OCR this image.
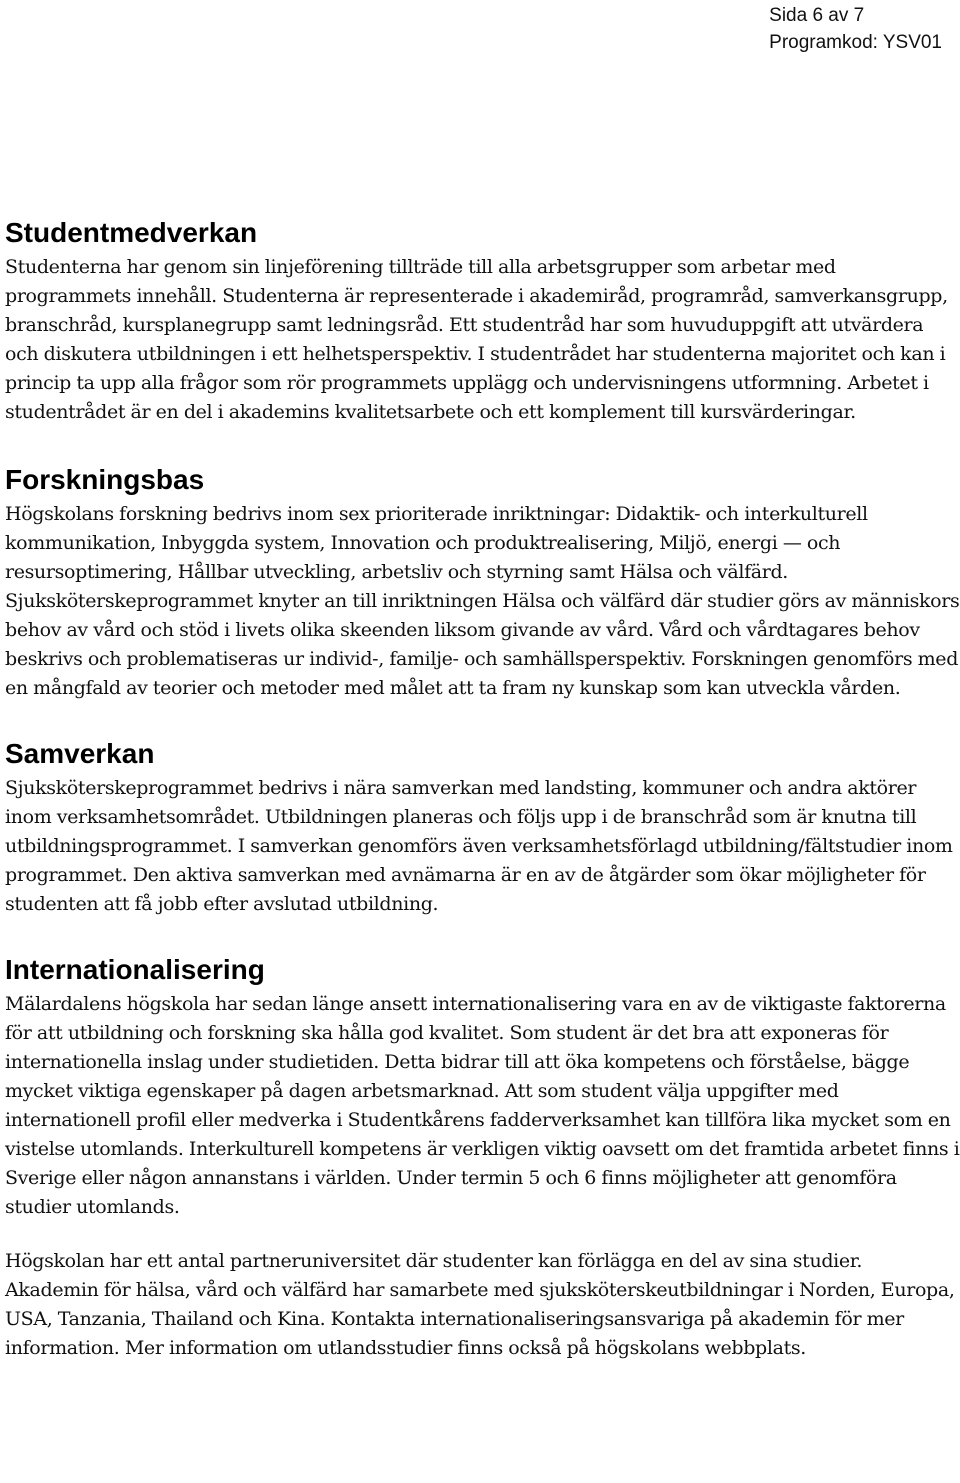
Sida 6 av 7
Programkod: YSV01
Studentmedverkan

Studenterna har genom sin linjeförening tillträde till alla arbetsgrupper som arbetar med programmets innehåll. Studenterna är representerade i akademiråd, programråd, samverkansgrupp, branschråd, kursplanegrupp samt ledningsråd. Ett studentråd har som huvuduppgift att utvärdera och diskutera utbildningen i ett helhetsperspektiv. I studentrådet har studenterna majoritet och kan i princip ta upp alla frågor som rör programmets upplägg och undervisningens utformning. Arbetet i studentrådet är en del i akademins kvalitetsarbete och ett komplement till kursvärderingar.

Forskningsbas

Högskolans forskning bedrivs inom sex prioriterade inriktningar: Didaktik- och interkulturell kommunikation, Inbyggda system, Innovation och produktrealisering, Miljö, energi — och resursoptimering, Hållbar utveckling, arbetsliv och styrning samt Hälsa och välfärd. Sjuksköterskeprogrammet knyter an till inriktningen Hälsa och välfärd där studier görs av människors behov av vård och stöd i livets olika skeenden liksom givande av vård. Vård och vårdtagares behov beskrivs och problematiseras ur individ-, familje- och samhällsperspektiv. Forskningen genomförs med en mångfald av teorier och metoder med målet att ta fram ny kunskap som kan utveckla vården.

Samverkan

Sjuksköterskeprogrammet bedrivs i nära samverkan med landsting, kommuner och andra aktörer inom verksamhetsområdet. Utbildningen planeras och följs upp i de branschråd som är knutna till utbildningsprogrammet. I samverkan genomförs även verksamhetsförlagd utbildning/fältstudier inom programmet. Den aktiva samverkan med avnämarna är en av de åtgärder som ökar möjligheter för studenten att få jobb efter avslutad utbildning.

Internationalisering

Mälardalens högskola har sedan länge ansett internationalisering vara en av de viktigaste faktorerna för att utbildning och forskning ska hålla god kvalitet. Som student är det bra att exponeras för internationella inslag under studietiden. Detta bidrar till att öka kompetens och förståelse, bägge mycket viktiga egenskaper på dagen arbetsmarknad. Att som student välja uppgifter med internationell profil eller medverka i Studentkårens fadderverksamhet kan tillföra lika mycket som en vistelse utomlands. Interkulturell kompetens är verkligen viktig oavsett om det framtida arbetet finns i Sverige eller någon annanstans i världen. Under termin 5 och 6 finns möjligheter att genomföra studier utomlands.

Högskolan har ett antal partneruniversitet där studenter kan förlägga en del av sina studier. Akademin för hälsa, vård och välfärd har samarbete med sjuksköterskeutbildningar i Norden, Europa, USA, Tanzania, Thailand och Kina. Kontakta internationaliseringsansvariga på akademin för mer information. Mer information om utlandsstudier finns också på högskolans webbplats.
